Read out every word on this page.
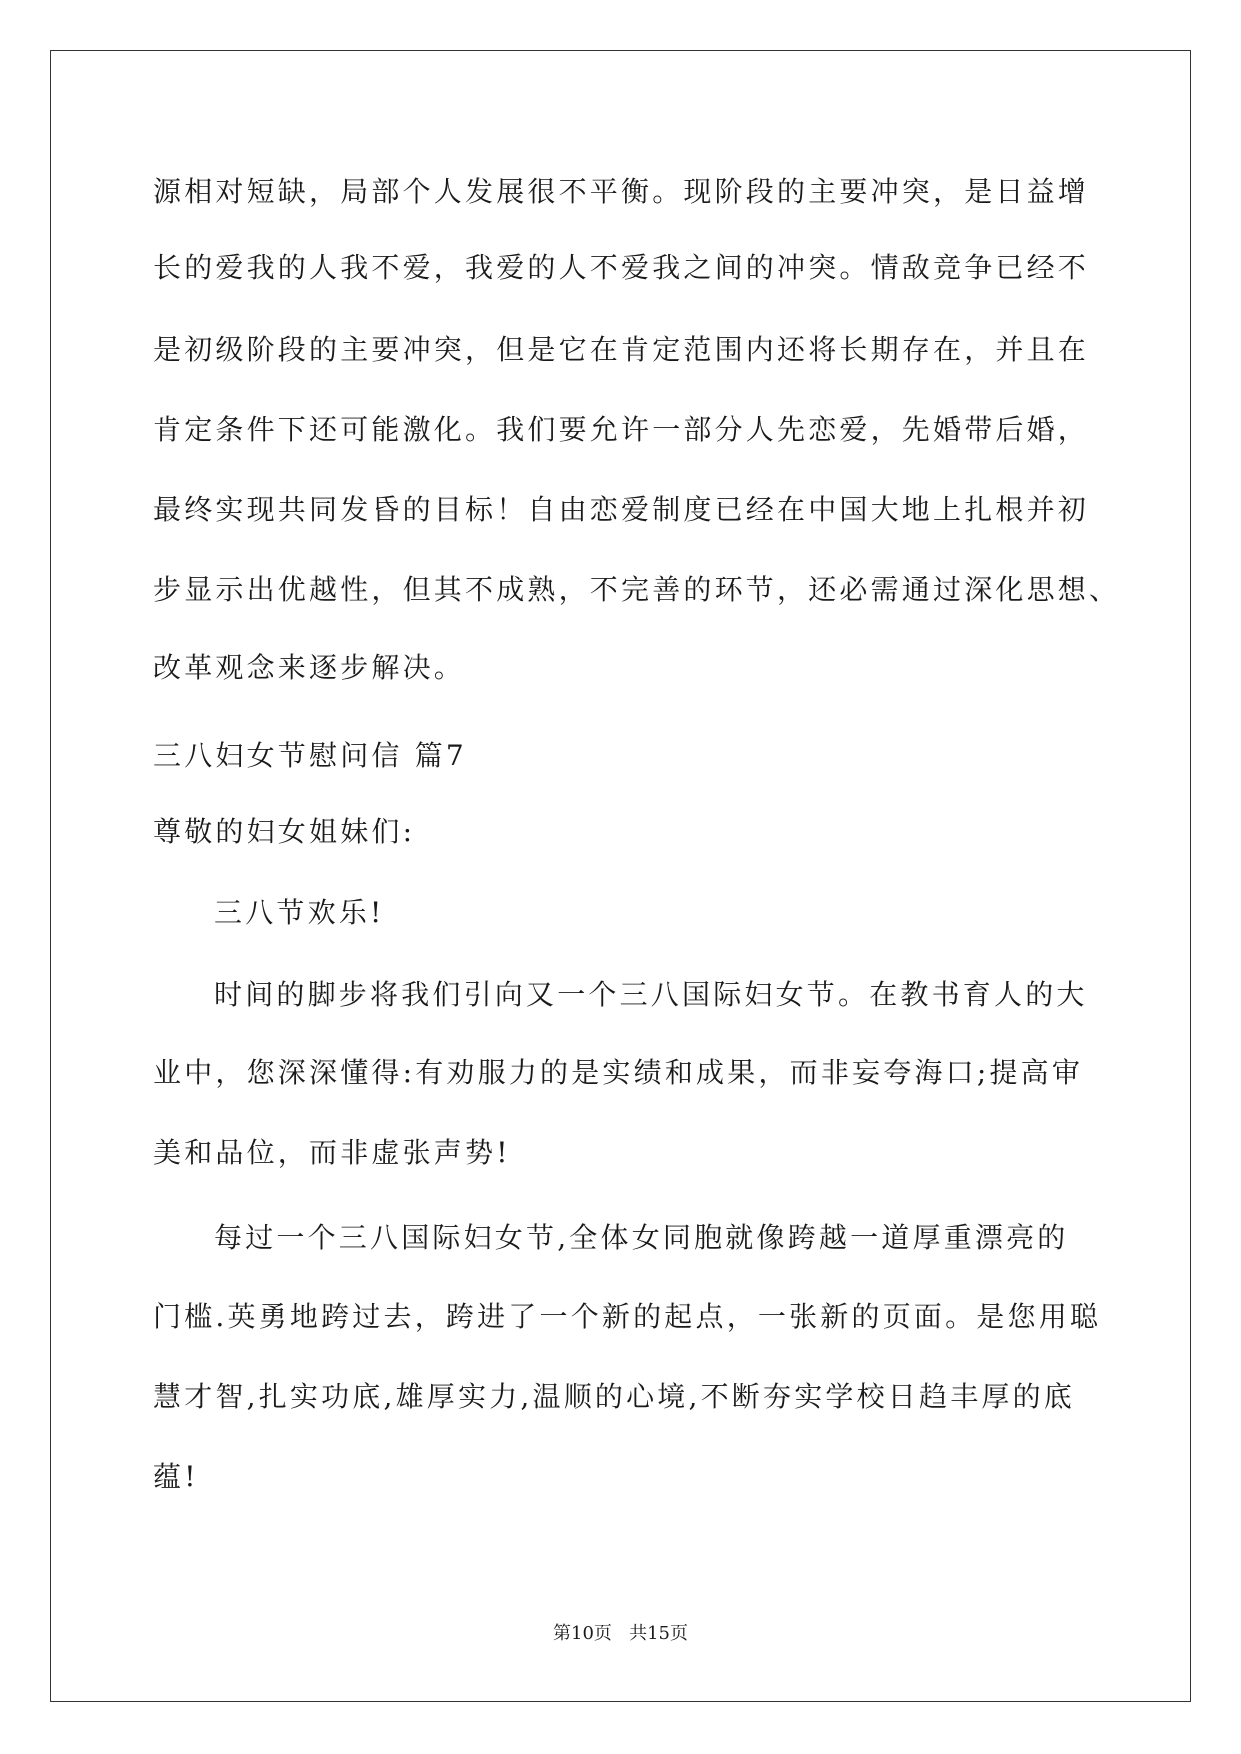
源相对短缺，局部个人发展很不平衡。现阶段的主要冲突，是日益增
长的爱我的人我不爱，我爱的人不爱我之间的冲突。情敌竞争已经不
是初级阶段的主要冲突，但是它在肯定范围内还将长期存在，并且在
肯定条件下还可能激化。我们要允许一部分人先恋爱，先婚带后婚，
最终实现共同发昏的目标！自由恋爱制度已经在中国大地上扎根并初
步显示出优越性，但其不成熟，不完善的环节，还必需通过深化思想、
改革观念来逐步解决。
三八妇女节慰问信 篇7
尊敬的妇女姐妹们:
三八节欢乐!
时间的脚步将我们引向又一个三八国际妇女节。在教书育人的大
业中，您深深懂得:有劝服力的是实绩和成果，而非妄夸海口;提高审
美和品位，而非虚张声势!
每过一个三八国际妇女节,全体女同胞就像跨越一道厚重漂亮的
门槛.英勇地跨过去，跨进了一个新的起点，一张新的页面。是您用聪
慧才智,扎实功底,雄厚实力,温顺的心境,不断夯实学校日趋丰厚的底
蕴!
第10页   共15页
